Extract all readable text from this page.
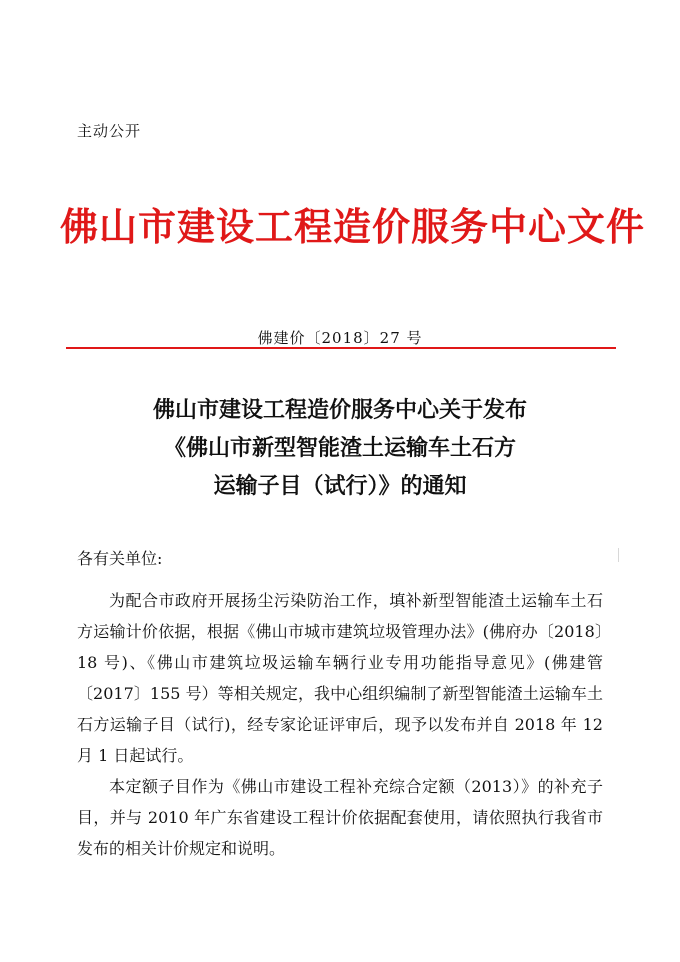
主动公开
佛山市建设工程造价服务中心文件
佛建价〔2018〕27 号
佛山市建设工程造价服务中心关于发布
《佛山市新型智能渣土运输车土石方
运输子目（试行）》的通知
各有关单位:

为配合市政府开展扬尘污染防治工作，填补新型智能渣土运输车土石方运输计价依据，根据《佛山市城市建筑垃圾管理办法》(佛府办〔2018〕18 号)、《佛山市建筑垃圾运输车辆行业专用功能指导意见》(佛建管〔2017〕155 号）等相关规定，我中心组织编制了新型智能渣土运输车土石方运输子目（试行)，经专家论证评审后，现予以发布并自 2018 年 12 月 1 日起试行。

本定额子目作为《佛山市建设工程补充综合定额（2013）》的补充子目，并与 2010 年广东省建设工程计价依据配套使用，请依照执行我省市发布的相关计价规定和说明。
